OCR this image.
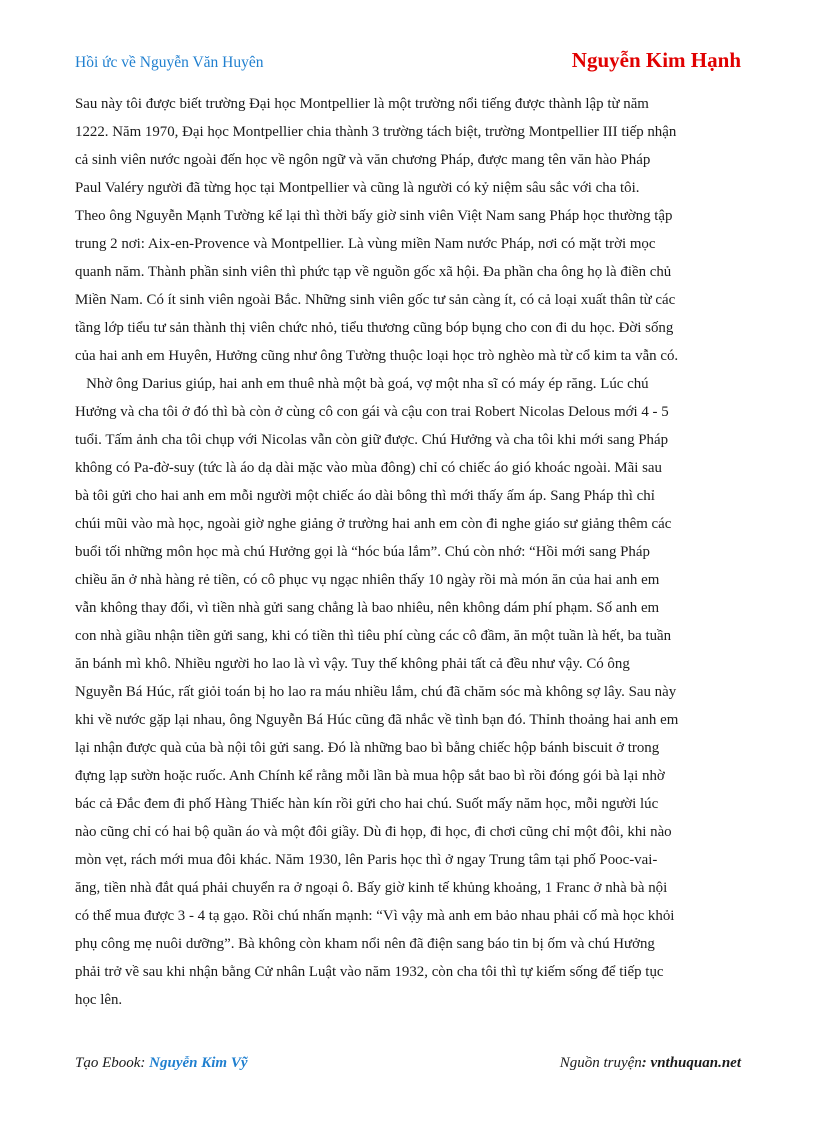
Hồi ức về Nguyễn Văn Huyên	Nguyễn Kim Hạnh
Sau này tôi được biết trường Đại học Montpellier là một trường nổi tiếng được thành lập từ năm
1222. Năm 1970, Đại học Montpellier chia thành 3 trường tách biệt, trường Montpellier III tiếp nhận
cả sinh viên nước ngoài đến học về ngôn ngữ và văn chương Pháp, được mang tên văn hào Pháp
Paul Valéry người đã từng học tại Montpellier và cũng là người có kỷ niệm sâu sắc với cha tôi.
Theo ông Nguyễn Mạnh Tường kể lại thì thời bấy giờ sinh viên Việt Nam sang Pháp học thường tập
trung 2 nơi: Aix-en-Provence và Montpellier. Là vùng miền Nam nước Pháp, nơi có mặt trời mọc
quanh năm. Thành phần sinh viên thì phức tạp về nguồn gốc xã hội. Đa phần cha ông họ là điền chủ
Miền Nam. Có ít sinh viên ngoài Bắc. Những sinh viên gốc tư sản càng ít, có cả loại xuất thân từ các
tầng lớp tiểu tư sản thành thị viên chức nhỏ, tiểu thương cũng bóp bụng cho con đi du học. Đời sống
của hai anh em Huyên, Hưởng cũng như ông Tường thuộc loại học trò nghèo mà từ cổ kim ta vẫn có.
Nhờ ông Darius giúp, hai anh em thuê nhà một bà goá, vợ một nha sĩ có máy ép răng. Lúc chú
Hưởng và cha tôi ở đó thì bà còn ở cùng cô con gái và cậu con trai Robert Nicolas Delous mới 4 - 5
tuổi. Tấm ảnh cha tôi chụp với Nicolas vẫn còn giữ được. Chú Hưởng và cha tôi khi mới sang Pháp
không có Pa-đờ-suy (tức là áo dạ dài mặc vào mùa đông) chỉ có chiếc áo gió khoác ngoài. Mãi sau
bà tôi gửi cho hai anh em mỗi người một chiếc áo dài bông thì mới thấy ấm áp. Sang Pháp thì chỉ
chúi mũi vào mà học, ngoài giờ nghe giảng ở trường hai anh em còn đi nghe giáo sư giảng thêm các
buổi tối những môn học mà chú Hưởng gọi là “hóc búa lắm”. Chú còn nhớ: “Hồi mới sang Pháp
chiều ăn ở nhà hàng rẻ tiền, có cô phục vụ ngạc nhiên thấy 10 ngày rồi mà món ăn của hai anh em
vẫn không thay đổi, vì tiền nhà gửi sang chẳng là bao nhiêu, nên không dám phí phạm. Số anh em
con nhà giầu nhận tiền gửi sang, khi có tiền thì tiêu phí cùng các cô đầm, ăn một tuần là hết, ba tuần
ăn bánh mì khô. Nhiều người ho lao là vì vậy. Tuy thế không phải tất cả đều như vậy. Có ông
Nguyễn Bá Húc, rất giỏi toán bị ho lao ra máu nhiều lắm, chú đã chăm sóc mà không sợ lây. Sau này
khi về nước gặp lại nhau, ông Nguyễn Bá Húc cũng đã nhắc về tình bạn đó. Thỉnh thoảng hai anh em
lại nhận được quà của bà nội tôi gửi sang. Đó là những bao bì bằng chiếc hộp bánh biscuit ở trong
đựng lạp sườn hoặc ruốc. Anh Chính kể rằng mỗi lần bà mua hộp sắt bao bì rồi đóng gói bà lại nhờ
bác cả Đắc đem đi phố Hàng Thiếc hàn kín rồi gửi cho hai chú. Suốt mấy năm học, mỗi người lúc
nào cũng chỉ có hai bộ quần áo và một đôi giầy. Dù đi họp, đi học, đi chơi cũng chỉ một đôi, khi nào
mòn vẹt, rách mới mua đôi khác. Năm 1930, lên Paris học thì ở ngay Trung tâm tại phố Pooc-vai-
ăng, tiền nhà đắt quá phải chuyển ra ở ngoại ô. Bấy giờ kinh tế khủng khoảng, 1 Franc ở nhà bà nội
có thể mua được 3 - 4 tạ gạo. Rồi chú nhấn mạnh: “Vì vậy mà anh em bảo nhau phải cố mà học khỏi
phụ công mẹ nuôi dưỡng”. Bà không còn kham nổi nên đã điện sang báo tin bị ốm và chú Hưởng
phải trở về sau khi nhận bằng Cử nhân Luật vào năm 1932, còn cha tôi thì tự kiếm sống để tiếp tục
học lên.
Tạo Ebook: Nguyễn Kim Vỹ	Nguồn truyện: vnthuquan.net
